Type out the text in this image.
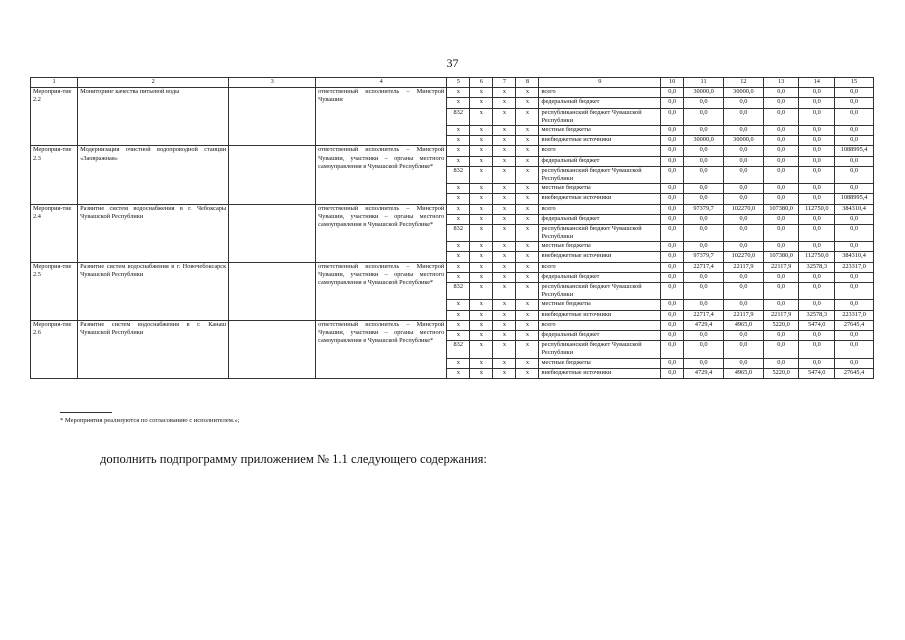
37
1	2	3	4	5	6	7	8	9	10	11	12	13	14	15
Мероприя-тие 2.2	Мониторинг качества питьевой воды		ответственный исполнитель – Минстрой Чувашии	х	х	х	х	всего	0,0	30000,0	30000,0	0,0	0,0	0,0
				х	х	х	х	федеральный бюджет	0,0	0,0	0,0	0,0	0,0	0,0
				832	х	х	х	республиканский бюджет Чувашской Республики	0,0	0,0	0,0	0,0	0,0	0,0
				х	х	х	х	местные бюджеты	0,0	0,0	0,0	0,0	0,0	0,0
				х	х	х	х	внебюджетные источники	0,0	30000,0	30000,0	0,0	0,0	0,0
Мероприя-тие 2.3	Модернизация очистной водопроводной станции «Заовражная»		ответственный исполнитель – Минстрой Чувашии, участники – органы местного самоуправления в Чувашской Республике*	х	х	х	х	всего	0,0	0,0	0,0	0,0	0,0	1088995,4
				х	х	х	х	федеральный бюджет	0,0	0,0	0,0	0,0	0,0	0,0
				832	х	х	х	республиканский бюджет Чувашской Республики	0,0	0,0	0,0	0,0	0,0	0,0
				х	х	х	х	местные бюджеты	0,0	0,0	0,0	0,0	0,0	0,0
				х	х	х	х	внебюджетные источники	0,0	0,0	0,0	0,0	0,0	1088995,4
Мероприя-тие 2.4	Развитие систем водоснабжения в г. Чебоксары Чувашской Республики		ответственный исполнитель – Минстрой Чувашии, участники – органы местного самоуправления в Чувашской Республике*	х	х	х	х	всего	0,0	97379,7	102270,0	107380,0	112750,0	384310,4
				х	х	х	х	федеральный бюджет	0,0	0,0	0,0	0,0	0,0	0,0
				832	х	х	х	республиканский бюджет Чувашской Республики	0,0	0,0	0,0	0,0	0,0	0,0
				х	х	х	х	местные бюджеты	0,0	0,0	0,0	0,0	0,0	0,0
				х	х	х	х	внебюджетные источники	0,0	97379,7	102270,0	107380,0	112750,0	384310,4
Мероприя-тие 2.5	Развитие систем водоснабжения в г. Новочебоксарск Чувашской Республики		ответственный исполнитель – Минстрой Чувашии, участники – органы местного самоуправления в Чувашской Республике*	х	х	х	х	всего	0,0	22717,4	22117,9	22117,9	32578,3	223317,0
				х	х	х	х	федеральный бюджет	0,0	0,0	0,0	0,0	0,0	0,0
				832	х	х	х	республиканский бюджет Чувашской Республики	0,0	0,0	0,0	0,0	0,0	0,0
				х	х	х	х	местные бюджеты	0,0	0,0	0,0	0,0	0,0	0,0
				х	х	х	х	внебюджетные источники	0,0	22717,4	22117,9	22117,9	32578,3	223317,0
Мероприя-тие 2.6	Развитие систем водоснабжения в г. Канаш Чувашской Республики		ответственный исполнитель – Минстрой Чувашии, участники – органы местного самоуправления в Чувашской Республике*	х	х	х	х	всего	0,0	4729,4	4965,0	5220,0	5474,0	27645,4
				х	х	х	х	федеральный бюджет	0,0	0,0	0,0	0,0	0,0	0,0
				832	х	х	х	республиканский бюджет Чувашской Республики	0,0	0,0	0,0	0,0	0,0	0,0
				х	х	х	х	местные бюджеты	0,0	0,0	0,0	0,0	0,0	0,0
				х	х	х	х	внебюджетные источники	0,0	4729,4	4965,0	5220,0	5474,0	27645,4
* Мероприятия реализуются по согласованию с исполнителем.»;
дополнить подпрограмму приложением № 1.1 следующего содержания:
